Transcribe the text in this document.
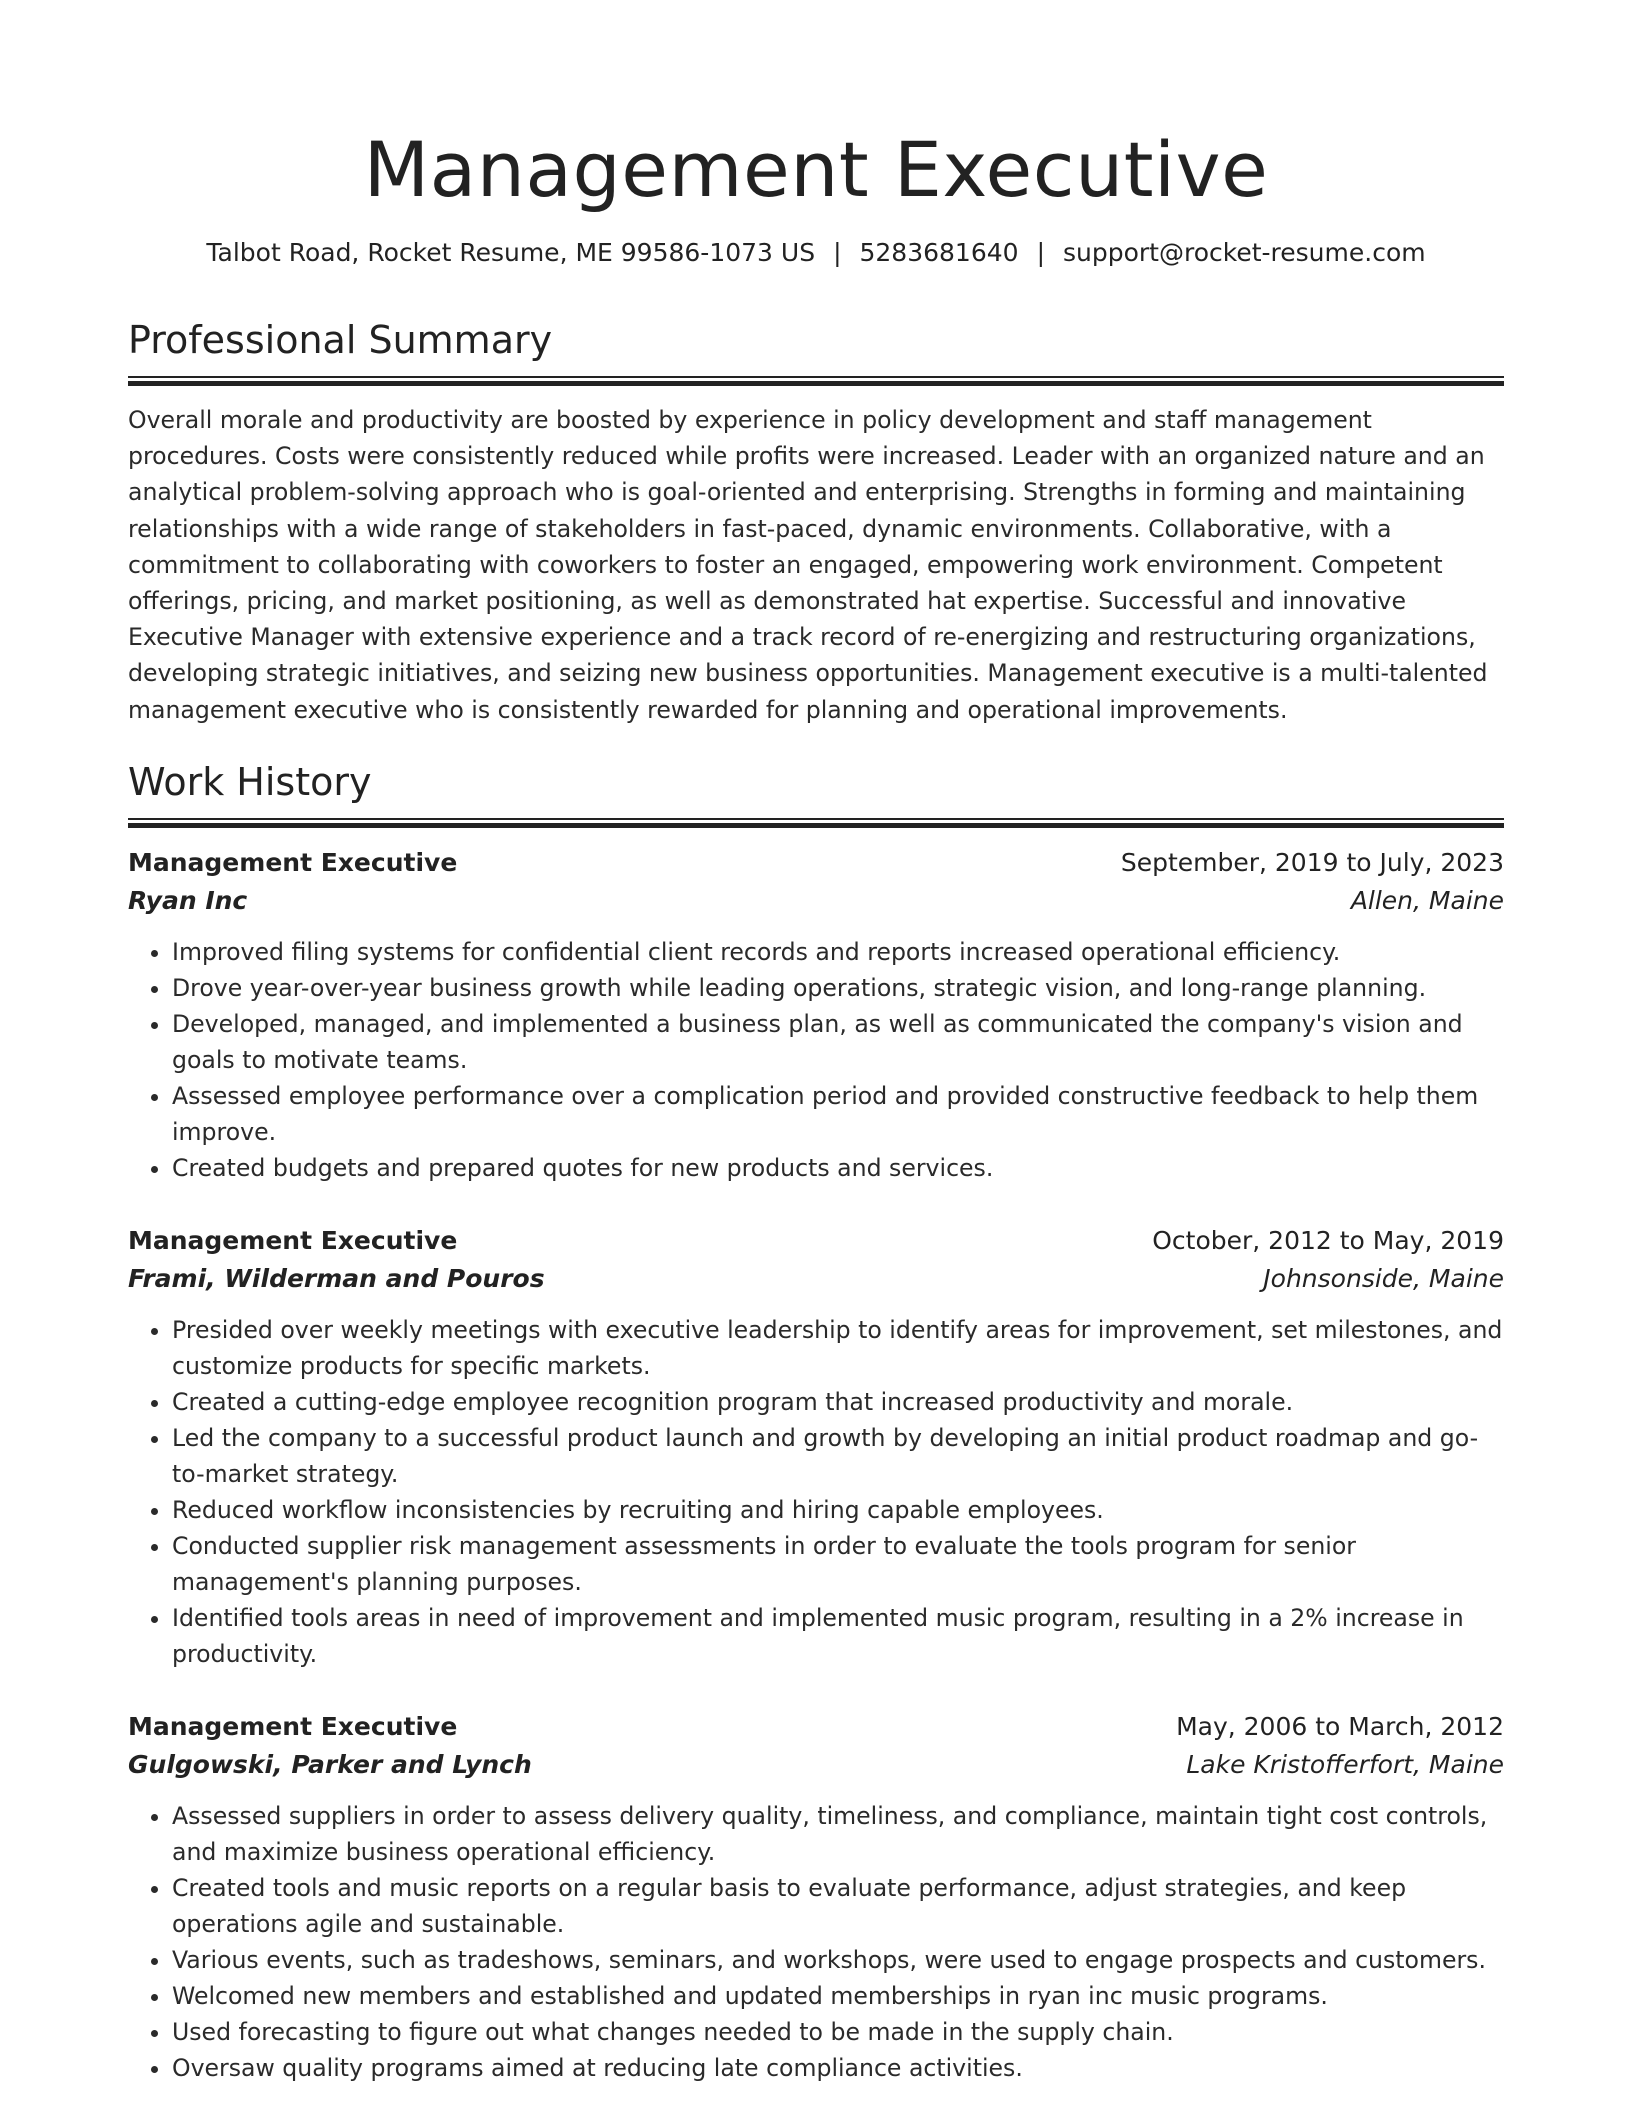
Management Executive
Talbot Road, Rocket Resume, ME 99586-1073 US | 5283681640 | support@rocket-resume.com
Professional Summary
Overall morale and productivity are boosted by experience in policy development and staff management procedures. Costs were consistently reduced while profits were increased. Leader with an organized nature and an analytical problem-solving approach who is goal-oriented and enterprising. Strengths in forming and maintaining relationships with a wide range of stakeholders in fast-paced, dynamic environments. Collaborative, with a commitment to collaborating with coworkers to foster an engaged, empowering work environment. Competent offerings, pricing, and market positioning, as well as demonstrated hat expertise. Successful and innovative Executive Manager with extensive experience and a track record of re-energizing and restructuring organizations, developing strategic initiatives, and seizing new business opportunities. Management executive is a multi-talented management executive who is consistently rewarded for planning and operational improvements.
Work History
Management Executive	September, 2019 to July, 2023
Ryan Inc	Allen, Maine
• Improved filing systems for confidential client records and reports increased operational efficiency.
• Drove year-over-year business growth while leading operations, strategic vision, and long-range planning.
• Developed, managed, and implemented a business plan, as well as communicated the company's vision and goals to motivate teams.
• Assessed employee performance over a complication period and provided constructive feedback to help them improve.
• Created budgets and prepared quotes for new products and services.
Management Executive	October, 2012 to May, 2019
Frami, Wilderman and Pouros	Johnsonside, Maine
• Presided over weekly meetings with executive leadership to identify areas for improvement, set milestones, and customize products for specific markets.
• Created a cutting-edge employee recognition program that increased productivity and morale.
• Led the company to a successful product launch and growth by developing an initial product roadmap and go-to-market strategy.
• Reduced workflow inconsistencies by recruiting and hiring capable employees.
• Conducted supplier risk management assessments in order to evaluate the tools program for senior management's planning purposes.
• Identified tools areas in need of improvement and implemented music program, resulting in a 2% increase in productivity.
Management Executive	May, 2006 to March, 2012
Gulgowski, Parker and Lynch	Lake Kristofferfort, Maine
• Assessed suppliers in order to assess delivery quality, timeliness, and compliance, maintain tight cost controls, and maximize business operational efficiency.
• Created tools and music reports on a regular basis to evaluate performance, adjust strategies, and keep operations agile and sustainable.
• Various events, such as tradeshows, seminars, and workshops, were used to engage prospects and customers.
• Welcomed new members and established and updated memberships in ryan inc music programs.
• Used forecasting to figure out what changes needed to be made in the supply chain.
• Oversaw quality programs aimed at reducing late compliance activities.
